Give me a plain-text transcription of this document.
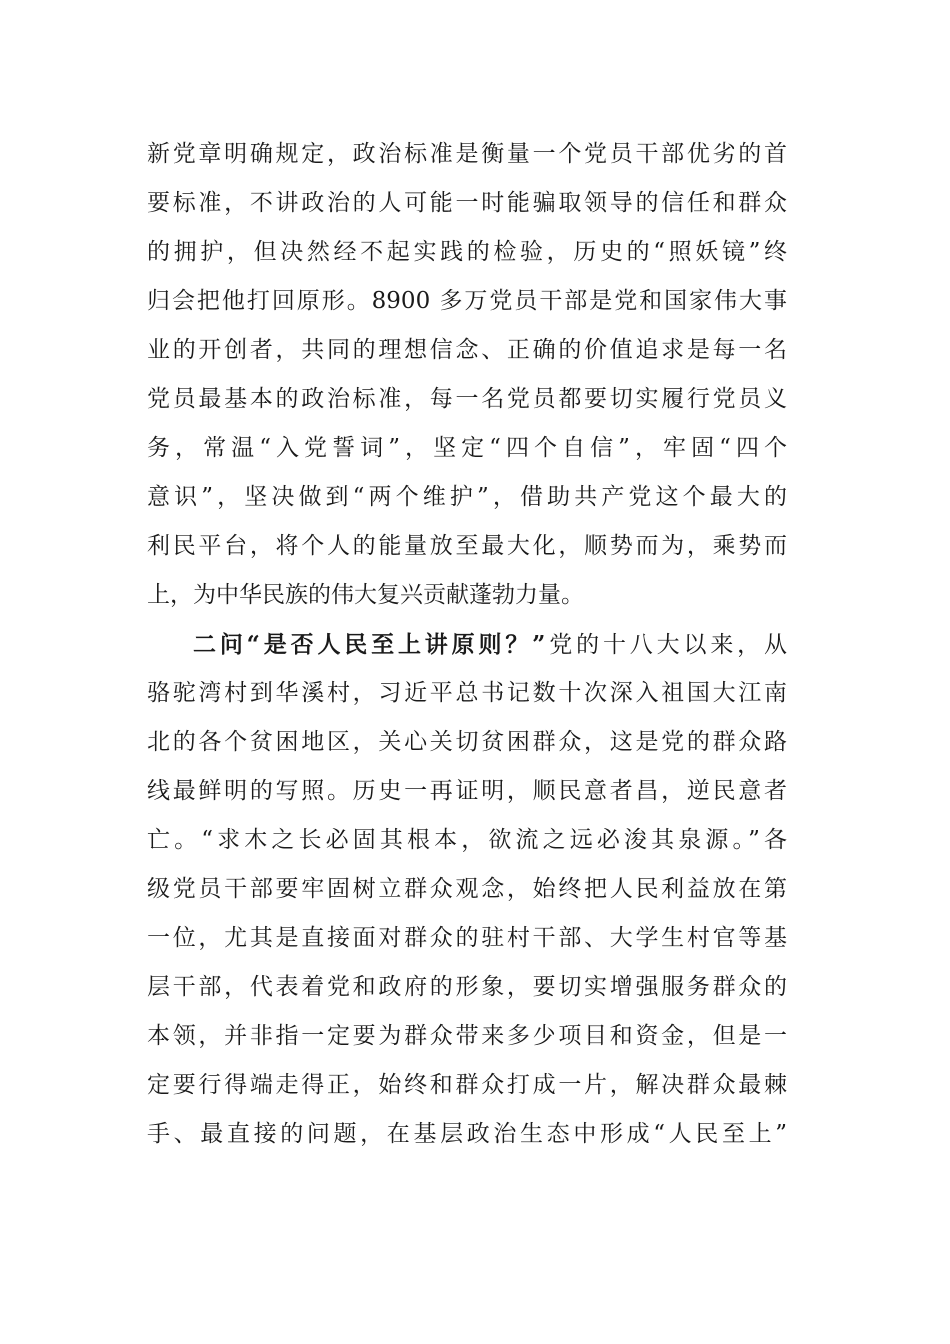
新党章明确规定，政治标准是衡量一个党员干部优劣的首
要标准，不讲政治的人可能一时能骗取领导的信任和群众
的拥护，但决然经不起实践的检验，历史的“照妖镜”终
归会把他打回原形。8900 多万党员干部是党和国家伟大事
业的开创者，共同的理想信念、正确的价值追求是每一名
党员最基本的政治标准，每一名党员都要切实履行党员义
务，常温“入党誓词”，坚定“四个自信”，牢固“四个
意识”，坚决做到“两个维护”，借助共产党这个最大的
利民平台，将个人的能量放至最大化，顺势而为，乘势而
上，为中华民族的伟大复兴贡献蓬勃力量。
二问“是否人民至上讲原则？”党的十八大以来，从
骆驼湾村到华溪村，习近平总书记数十次深入祖国大江南
北的各个贫困地区，关心关切贫困群众，这是党的群众路
线最鲜明的写照。历史一再证明，顺民意者昌，逆民意者
亡。“求木之长必固其根本，欲流之远必浚其泉源。”各
级党员干部要牢固树立群众观念，始终把人民利益放在第
一位，尤其是直接面对群众的驻村干部、大学生村官等基
层干部，代表着党和政府的形象，要切实增强服务群众的
本领，并非指一定要为群众带来多少项目和资金，但是一
定要行得端走得正，始终和群众打成一片，解决群众最棘
手、最直接的问题，在基层政治生态中形成“人民至上”
